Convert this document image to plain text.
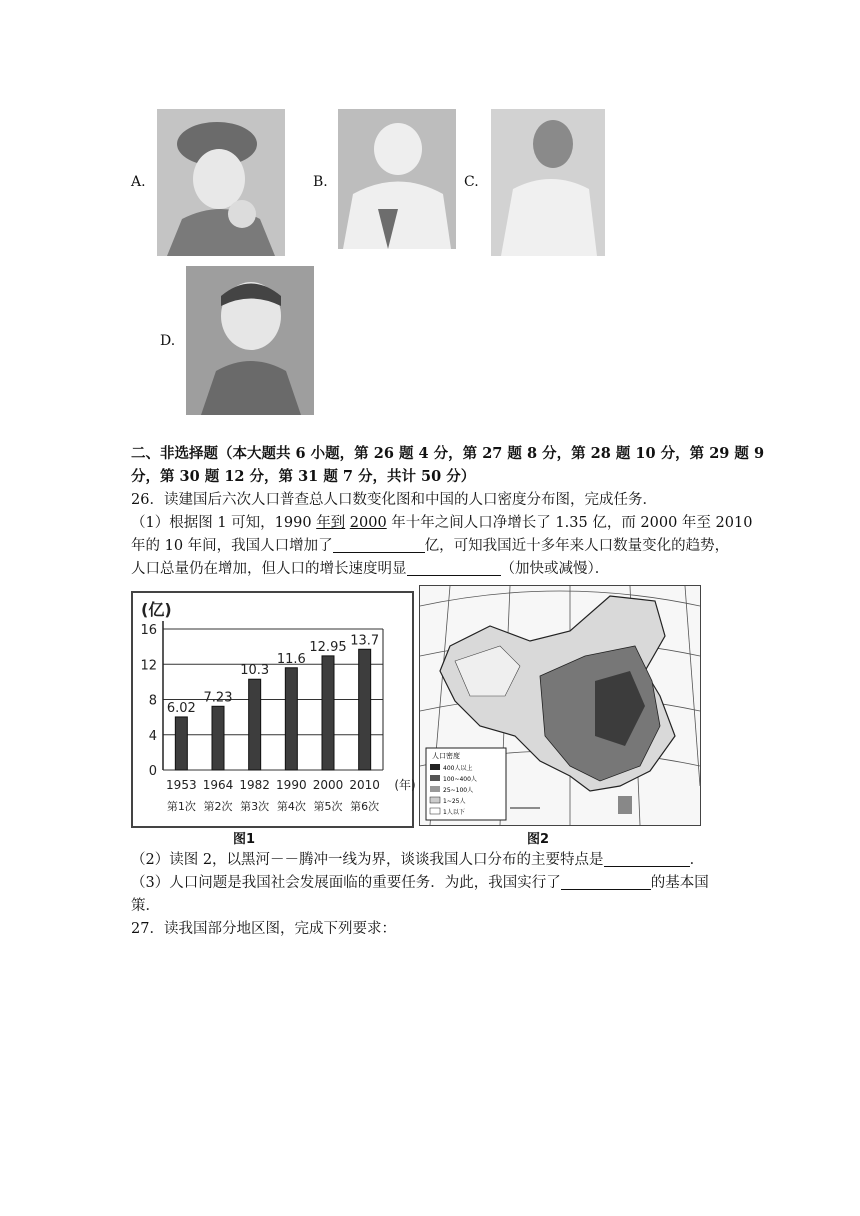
A.	B.	C.
D.
二、非选择题（本大题共 6 小题，第 26 题 4 分，第 27 题 8 分，第 28 题 10 分，第 29 题 9
分，第 30 题 12 分，第 31 题 7 分，共计 50 分）
26．读建国后六次人口普查总人口数变化图和中国的人口密度分布图，完成任务．
（1）根据图 1 可知，1990 年到 2000 年十年之间人口净增长了 1.35 亿，而 2000 年至 2010
年的 10 年间，我国人口增加了	亿，可知我国近十多年来人口数量变化的趋势，
人口总量仍在增加，但人口的增长速度明显	（加快或减慢）．
(亿)
0
4
8
12
16
6.02
1953
第1次
7.23
1964
第2次
10.3
1982
第3次
11.6
1990
第4次
12.95
2000
第5次
13.7
2010
第6次
(年)
图1
人口密度
400人以上
100~400人
25~100人
1~25人
1人以下
图2
（2）读图 2，以黑河－－腾冲一线为界，谈谈我国人口分布的主要特点是	．
（3）人口问题是我国社会发展面临的重要任务．为此，我国实行了	的基本国
策．
27．读我国部分地区图，完成下列要求：
